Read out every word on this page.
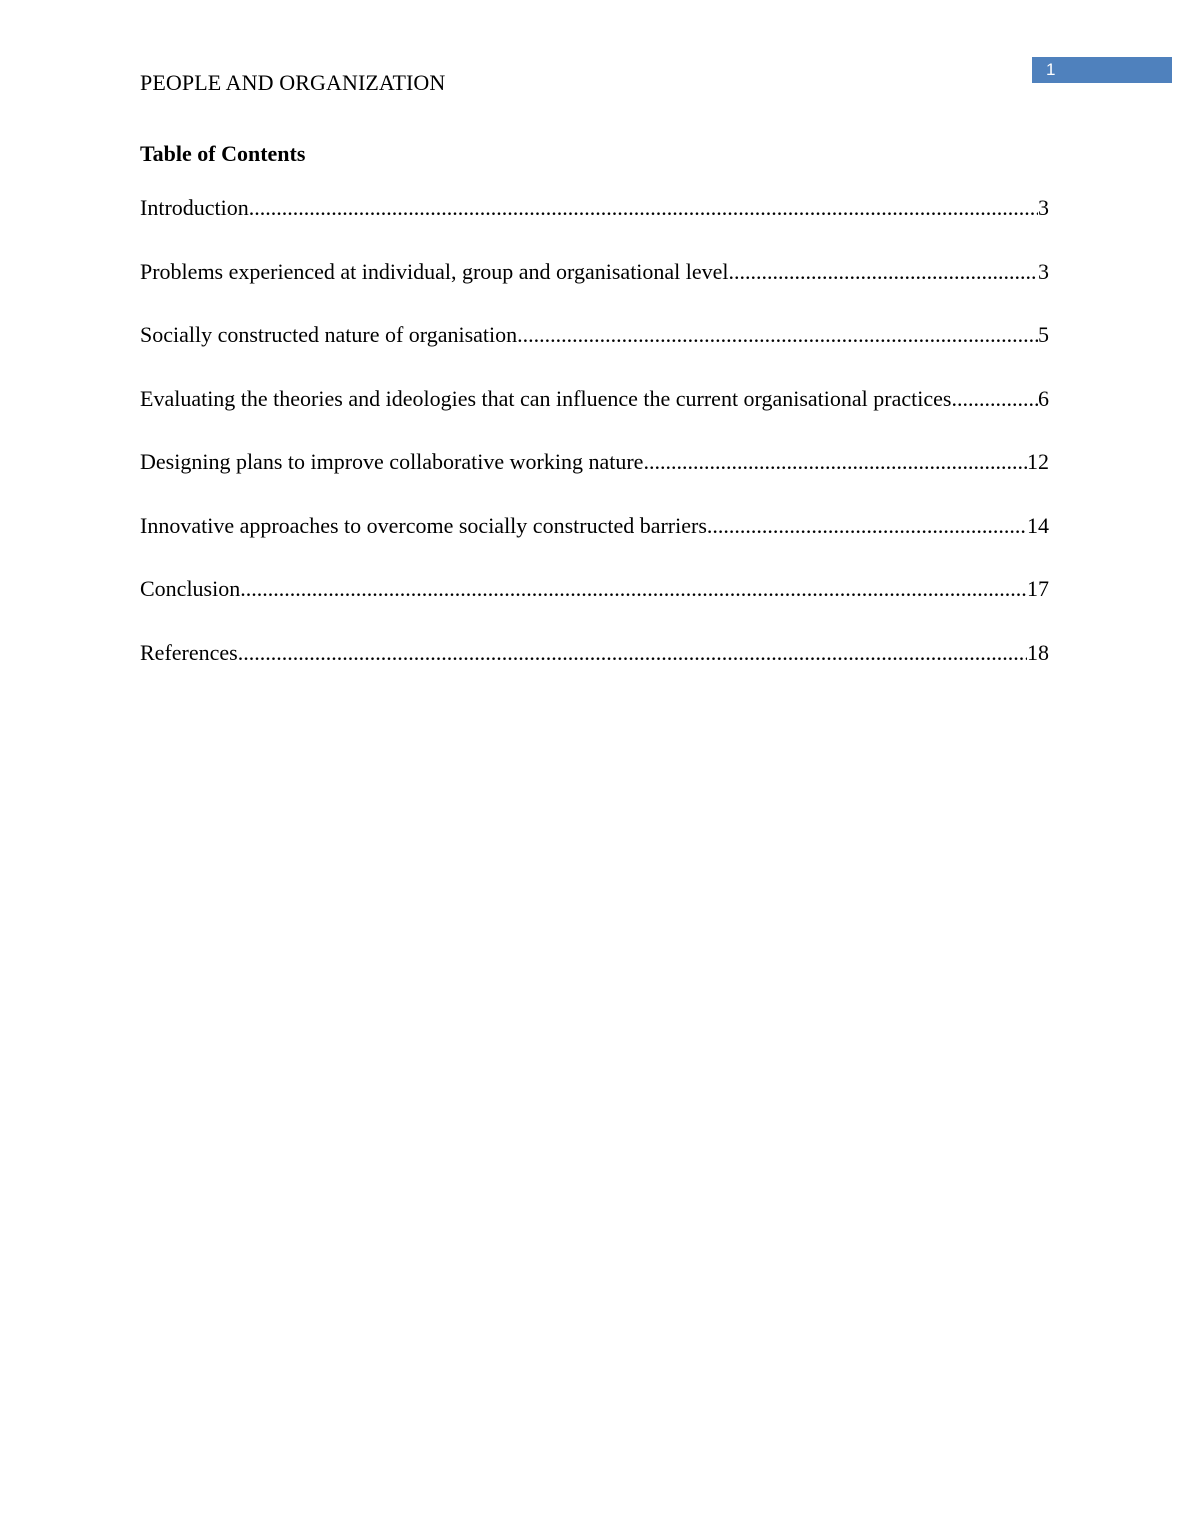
1
PEOPLE AND ORGANIZATION
Table of Contents
Introduction .....	3
Problems experienced at individual, group and organisational level .....	3
Socially constructed nature of organisation .....	5
Evaluating the theories and ideologies that can influence the current organisational practices .....	6
Designing plans to improve collaborative working nature .....	12
Innovative approaches to overcome socially constructed barriers .....	14
Conclusion .....	17
References .....	18
